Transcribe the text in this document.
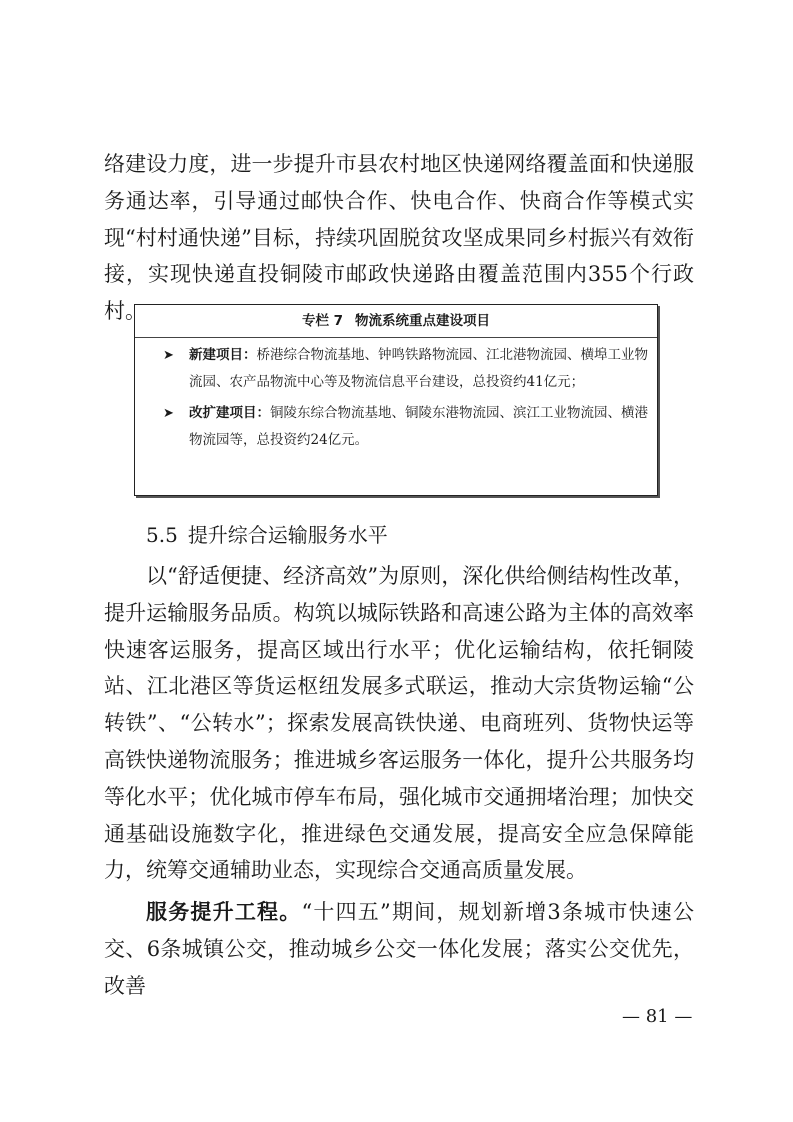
络建设力度，进一步提升市县农村地区快递网络覆盖面和快递服务通达率，引导通过邮快合作、快电合作、快商合作等模式实现“村村通快递”目标，持续巩固脱贫攻坚成果同乡村振兴有效衔接，实现快递直投铜陵市邮政快递路由覆盖范围内355个行政村。	专栏 7 物流系统重点建设项目
➤ 新建项目：桥港综合物流基地、钟鸣铁路物流园、江北港物流园、横埠工业物流园、农产品物流中心等及物流信息平台建设，总投资约41亿元；
➤ 改扩建项目：铜陵东综合物流基地、铜陵东港物流园、滨江工业物流园、横港物流园等，总投资约24亿元。
5.5 提升综合运输服务水平

以“舒适便捷、经济高效”为原则，深化供给侧结构性改革，提升运输服务品质。构筑以城际铁路和高速公路为主体的高效率快速客运服务，提高区域出行水平；优化运输结构，依托铜陵站、江北港区等货运枢纽发展多式联运，推动大宗货物运输“公转铁”、“公转水”；探索发展高铁快递、电商班列、货物快运等高铁快递物流服务；推进城乡客运服务一体化，提升公共服务均等化水平；优化城市停车布局，强化城市交通拥堵治理；加快交通基础设施数字化，推进绿色交通发展，提高安全应急保障能力，统筹交通辅助业态，实现综合交通高质量发展。

服务提升工程。“十四五”期间，规划新增3条城市快速公交、6条城镇公交，推动城乡公交一体化发展；落实公交优先，改善

— 81 —
